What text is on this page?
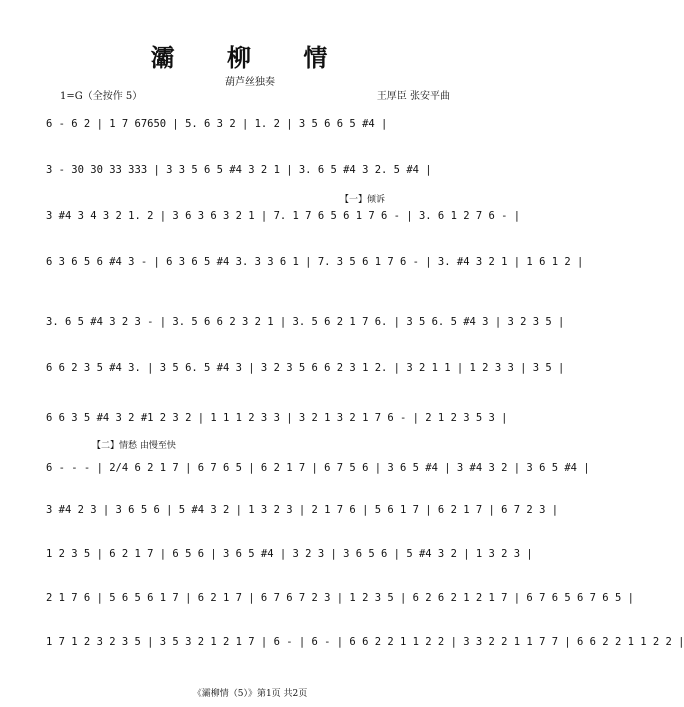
灞 柳 情
葫芦丝独奏
1=G（全按作 5）	王厚臣 张安平曲
6 - 6 2 | 1 7 67650 | 5. 6 3 2 | 1. 2 | 3 5 6 6 5 #4 |
3 - 30 30 33 333 | 3 3 5 6 5 #4 3 2 1 | 3. 6 5 #4 3 2. 5 #4 |
【一】倾诉
3 #4 3 4 3 2 1. 2 | 3 6 3 6 3 2 1 | 7. 1 7 6 5 6 1 7 6 - | 3. 6 1 2 7 6 - |
6 3 6 5 6 #4 3 - | 6 3 6 5 #4 3. 3 3 6 1 | 7. 3 5 6 1 7 6 - | 3. #4 3 2 1 | 1 6 1 2 |
3. 6 5 #4 3 2 3 - | 3. 5 6 6 2 3 2 1 | 3. 5 6 2 1 7 6. | 3 5 6. 5 #4 3 | 3 2 3 5 |
6 6 2 3 5 #4 3. | 3 5 6. 5 #4 3 | 3 2 3 5 6 6 2 3 1 2. | 3 2 1 1 | 1 2 3 3 | 3 5 |
6 6 3 5 #4 3 2 #1 2 3 2 | 1 1 1 2 3 3 | 3 2 1 3 2 1 7 6 - | 2 1 2 3 5 3 |
【二】情愁 由慢至快
6 - - - | 2/4 6 2 1 7 | 6 7 6 5 | 6 2 1 7 | 6 7 5 6 | 3 6 5 #4 | 3 #4 3 2 | 3 6 5 #4 |
3 #4 2 3 | 3 6 5 6 | 5 #4 3 2 | 1 3 2 3 | 2 1 7 6 | 5 6 1 7 | 6 2 1 7 | 6 7 2 3 |
1 2 3 5 | 6 2 1 7 | 6 5 6 | 3 6 5 #4 | 3 2 3 | 3 6 5 6 | 5 #4 3 2 | 1 3 2 3 |
2 1 7 6 | 5 6 5 6 1 7 | 6 2 1 7 | 6 7 6 7 2 3 | 1 2 3 5 | 6 2 6 2 1 2 1 7 | 6 7 6 5 6 7 6 5 |
1 7 1 2 3 2 3 5 | 3 5 3 2 1 2 1 7 | 6 - | 6 - | 6 6 2 2 1 1 2 2 | 3 3 2 2 1 1 7 7 | 6 6 2 2 1 1 2 2 |
《灞柳情（5）》第1页 共2页
